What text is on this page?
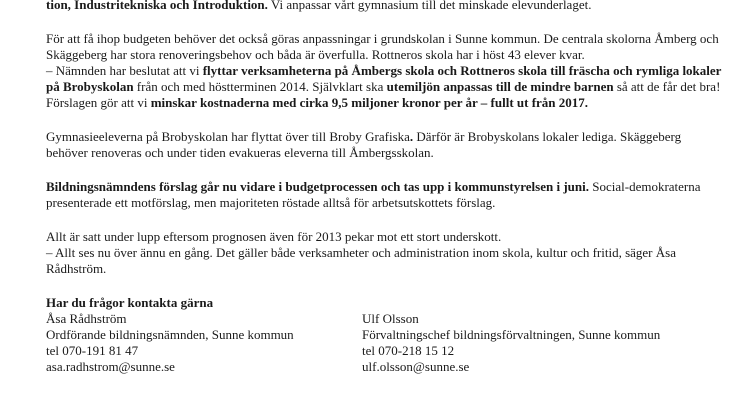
tion, Industritekniska och Introduktion. Vi anpassar vårt gymnasium till det minskade elevunderlaget.

För att få ihop budgeten behöver det också göras anpassningar i grundskolan i Sunne kommun. De centrala skolorna Åmberg och Skäggeberg har stora renoveringsbehov och båda är överfulla. Rottneros skola har i höst 43 elever kvar.
– Nämnden har beslutat att vi flyttar verksamheterna på Åmbergs skola och Rottneros skola till fräscha och rymliga lokaler på Brobyskolan från och med höstterminen 2014. Självklart ska utemiljön anpassas till de mindre barnen så att de får det bra! Förslagen gör att vi minskar kostnaderna med cirka 9,5 miljoner kronor per år – fullt ut från 2017.

Gymnasieeleverna på Brobyskolan har flyttat över till Broby Grafiska. Därför är Brobyskolans lokaler lediga. Skäggeberg behöver renoveras och under tiden evakueras eleverna till Åmbergsskolan.

Bildningsnämndens förslag går nu vidare i budgetprocessen och tas upp i kommunstyrelsen i juni. Social-demokraterna presenterade ett motförslag, men majoriteten röstade alltså för arbetsutskottets förslag.

Allt är satt under lupp eftersom prognosen även för 2013 pekar mot ett stort underskott.
– Allt ses nu över ännu en gång. Det gäller både verksamheter och administration inom skola, kultur och fritid, säger Åsa Rådhström.

Har du frågor kontakta gärna

Åsa Rådhström
Ordförande bildningsnämnden, Sunne kommun
tel 070-191 81 47
asa.radhstrom@sunne.se
Ulf Olsson
Förvaltningschef bildningsförvaltningen, Sunne kommun
tel 070-218 15 12
ulf.olsson@sunne.se
